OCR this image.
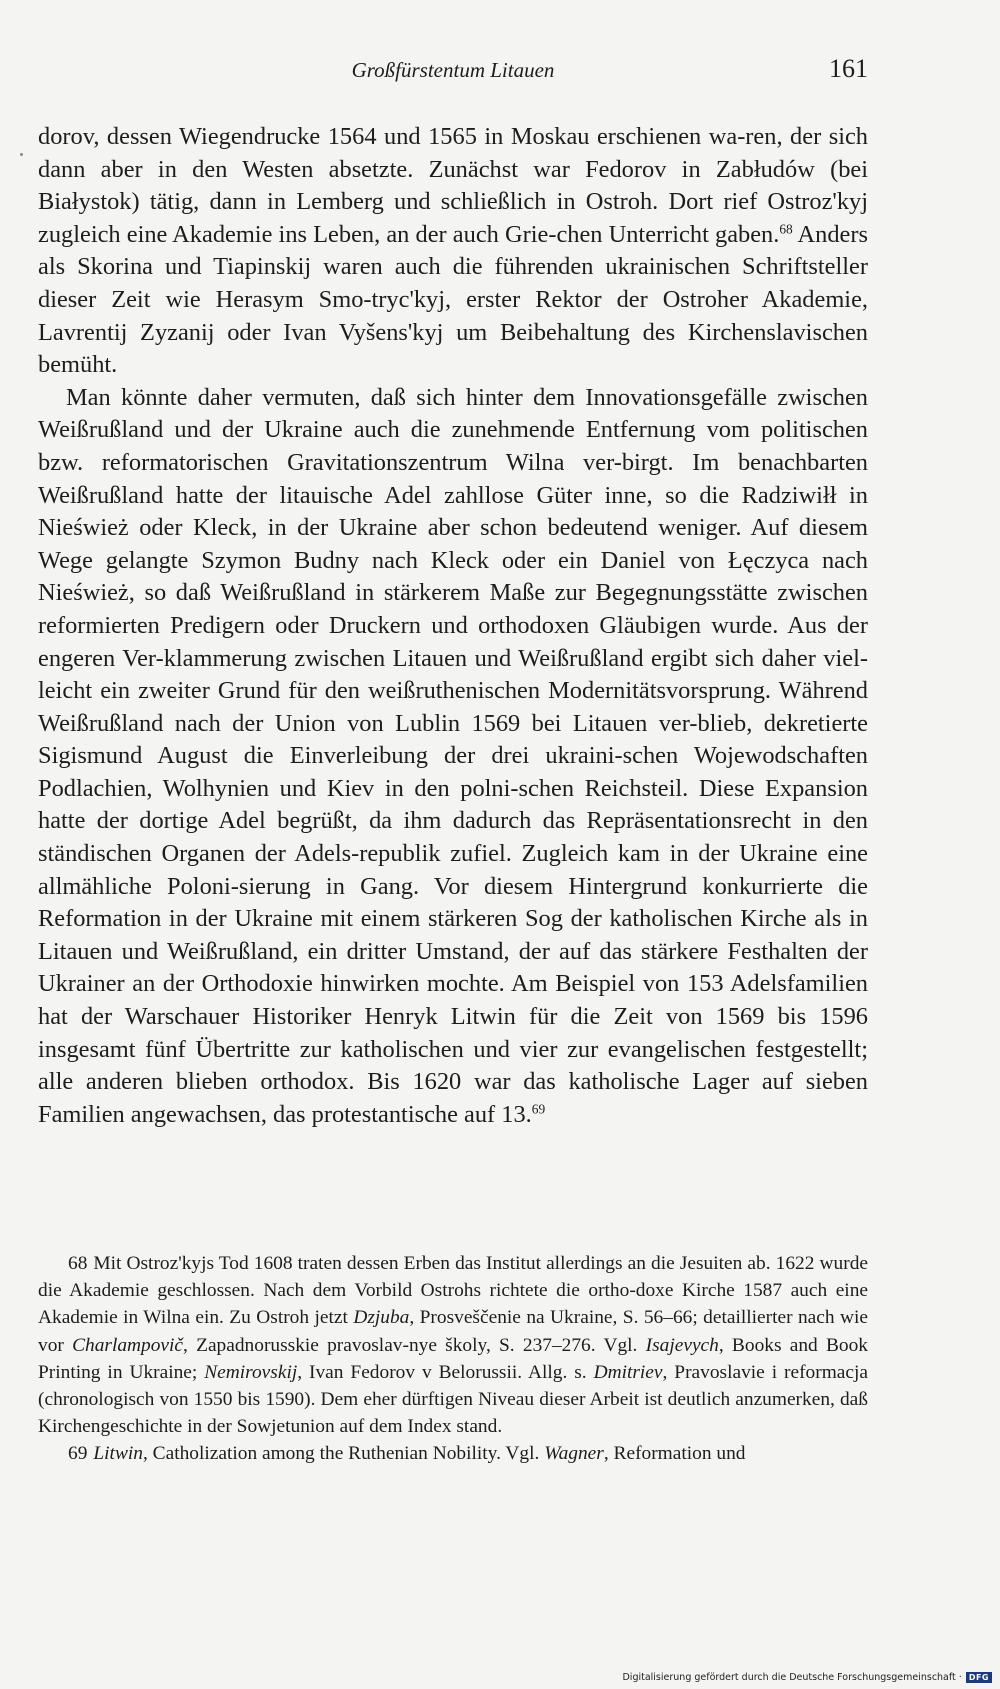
Großfürstentum Litauen	161

dorov, dessen Wiegendrucke 1564 und 1565 in Moskau erschienen wa-ren, der sich dann aber in den Westen absetzte. Zunächst war Fedorov in Zabłudów (bei Białystok) tätig, dann in Lemberg und schließlich in Ostroh. Dort rief Ostroz'kyj zugleich eine Akademie ins Leben, an der auch Grie-chen Unterricht gaben.$^{68}$ Anders als Skorina und Tiapinskij waren auch die führenden ukrainischen Schriftsteller dieser Zeit wie Herasym Smo-tryc'kyj, erster Rektor der Ostroher Akademie, Lavrentij Zyzanij oder Ivan Vyšens'kyj um Beibehaltung des Kirchenslavischen bemüht.

Man könnte daher vermuten, daß sich hinter dem Innovationsgefälle zwischen Weißrußland und der Ukraine auch die zunehmende Entfernung vom politischen bzw. reformatorischen Gravitationszentrum Wilna ver-birgt. Im benachbarten Weißrußland hatte der litauische Adel zahllose Güter inne, so die Radziwiłł in Nieśwież oder Kleck, in der Ukraine aber schon bedeutend weniger. Auf diesem Wege gelangte Szymon Budny nach Kleck oder ein Daniel von Łęczyca nach Nieśwież, so daß Weißrußland in stärkerem Maße zur Begegnungsstätte zwischen reformierten Predigern oder Druckern und orthodoxen Gläubigen wurde. Aus der engeren Ver-klammerung zwischen Litauen und Weißrußland ergibt sich daher viel-leicht ein zweiter Grund für den weißruthenischen Modernitätsvorsprung. Während Weißrußland nach der Union von Lublin 1569 bei Litauen ver-blieb, dekretierte Sigismund August die Einverleibung der drei ukraini-schen Wojewodschaften Podlachien, Wolhynien und Kiev in den polni-schen Reichsteil. Diese Expansion hatte der dortige Adel begrüßt, da ihm dadurch das Repräsentationsrecht in den ständischen Organen der Adels-republik zufiel. Zugleich kam in der Ukraine eine allmähliche Poloni-sierung in Gang. Vor diesem Hintergrund konkurrierte die Reformation in der Ukraine mit einem stärkeren Sog der katholischen Kirche als in Litauen und Weißrußland, ein dritter Umstand, der auf das stärkere Festhalten der Ukrainer an der Orthodoxie hinwirken mochte. Am Beispiel von 153 Adelsfamilien hat der Warschauer Historiker Henryk Litwin für die Zeit von 1569 bis 1596 insgesamt fünf Übertritte zur katholischen und vier zur evangelischen festgestellt; alle anderen blieben orthodox. Bis 1620 war das katholische Lager auf sieben Familien angewachsen, das protestantische auf 13.69

68 Mit Ostroz'kyjs Tod 1608 traten dessen Erben das Institut allerdings an die Jesuiten ab. 1622 wurde die Akademie geschlossen. Nach dem Vorbild Ostrohs richtete die ortho-doxe Kirche 1587 auch eine Akademie in Wilna ein. Zu Ostroh jetzt Dzjuba, Prosveščenie na Ukraine, S. 56–66; detaillierter nach wie vor Charlampovič, Zapadnorusskie pravoslav-nye školy, S. 237–276. Vgl. Isajevych, Books and Book Printing in Ukraine; Nemirovskij, Ivan Fedorov v Belorussii. Allg. s. Dmitriev, Pravoslavie i reformacja (chronologisch von 1550 bis 1590). Dem eher dürftigen Niveau dieser Arbeit ist deutlich anzumerken, daß Kirchengeschichte in der Sowjetunion auf dem Index stand.

69 Litwin, Catholization among the Ruthenian Nobility. Vgl. Wagner, Reformation und

Digitalisierung gefördert durch die Deutsche Forschungsgemeinschaft · DFG
